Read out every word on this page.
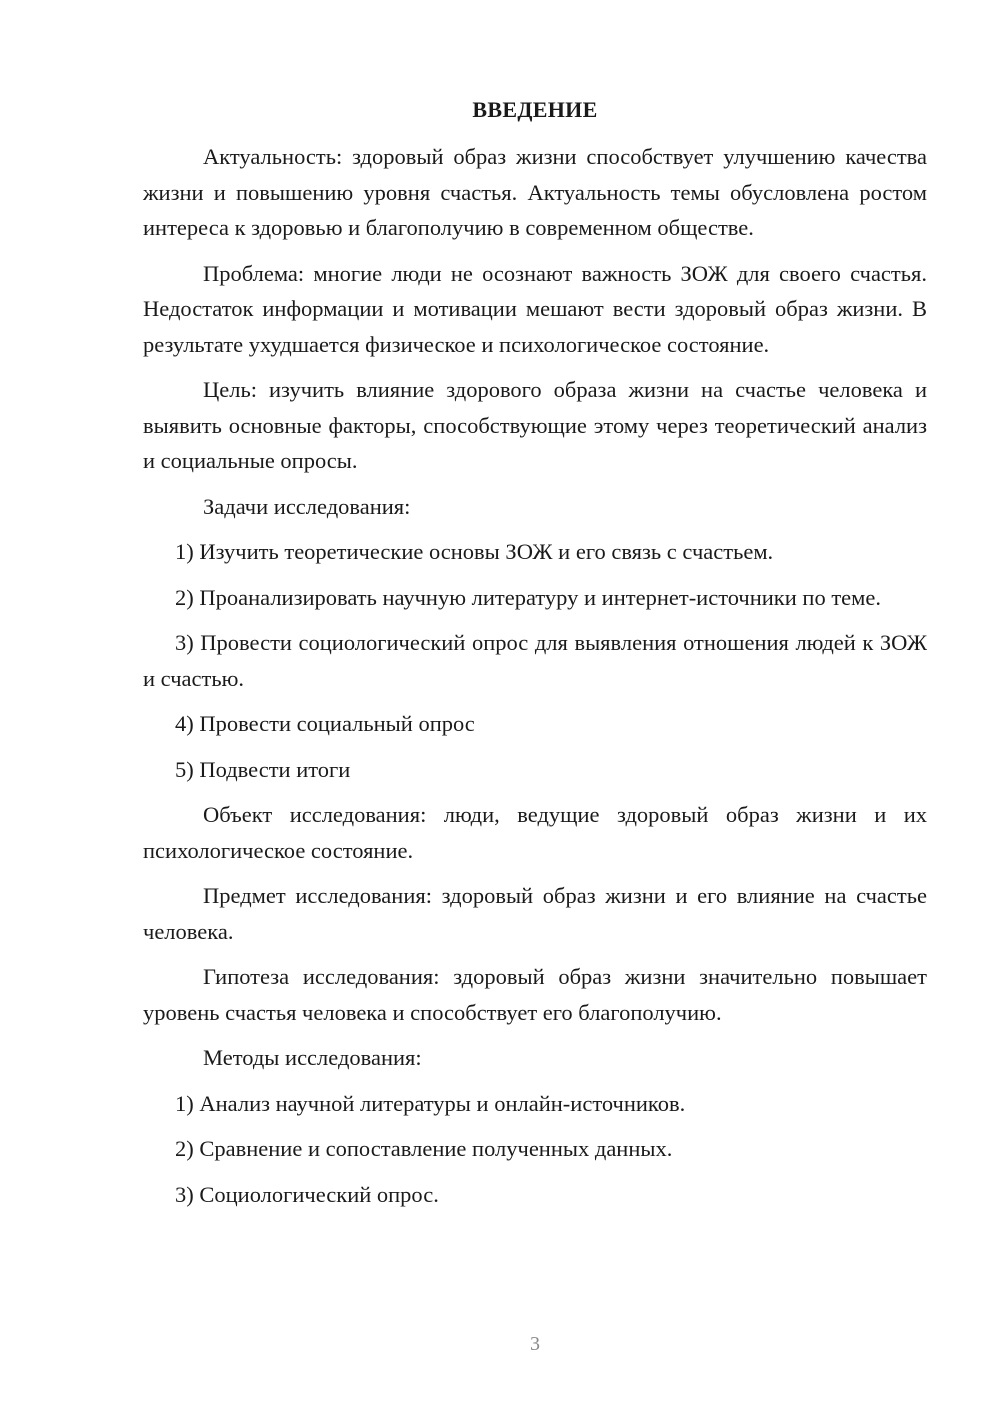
ВВЕДЕНИЕ

Актуальность: здоровый образ жизни способствует улучшению качества жизни и повышению уровня счастья. Актуальность темы обусловлена ростом интереса к здоровью и благополучию в современном обществе.

Проблема: многие люди не осознают важность ЗОЖ для своего счастья. Недостаток информации и мотивации мешают вести здоровый образ жизни. В результате ухудшается физическое и психологическое состояние.

Цель: изучить влияние здорового образа жизни на счастье человека и выявить основные факторы, способствующие этому через теоретический анализ и социальные опросы.

Задачи исследования:

1) Изучить теоретические основы ЗОЖ и его связь с счастьем.

2) Проанализировать научную литературу и интернет-источники по теме.

3) Провести социологический опрос для выявления отношения людей к ЗОЖ и счастью.

4) Провести социальный опрос

5) Подвести итоги

Объект исследования: люди, ведущие здоровый образ жизни и их психологическое состояние.

Предмет исследования: здоровый образ жизни и его влияние на счастье человека.

Гипотеза исследования: здоровый образ жизни значительно повышает уровень счастья человека и способствует его благополучию.

Методы исследования:

1) Анализ научной литературы и онлайн-источников.

2) Сравнение и сопоставление полученных данных.

3) Социологический опрос.

3
